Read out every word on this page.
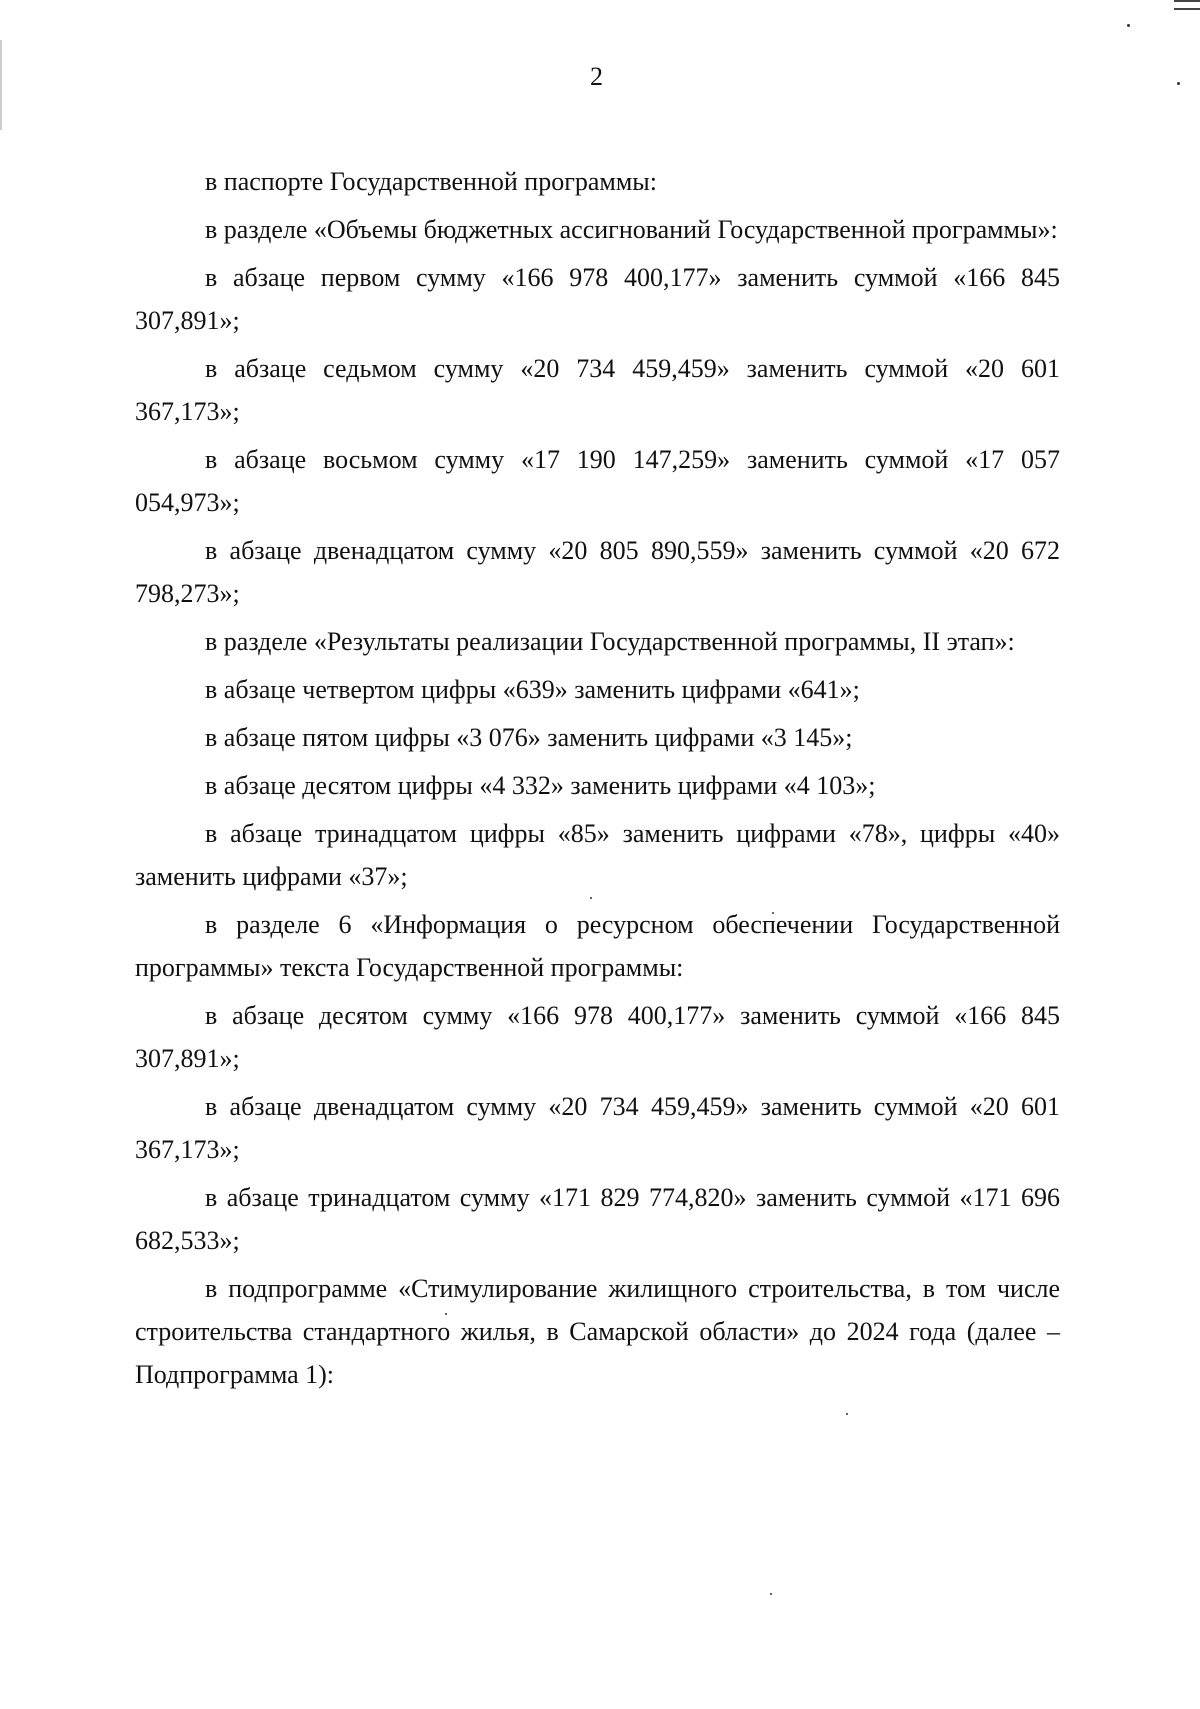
2

в паспорте Государственной программы:

в разделе «Объемы бюджетных ассигнований Государственной программы»:

в абзаце первом сумму «166 978 400,177» заменить суммой «166 845 307,891»;

в абзаце седьмом сумму «20 734 459,459» заменить суммой «20 601 367,173»;

в абзаце восьмом сумму «17 190 147,259» заменить суммой «17 057 054,973»;

в абзаце двенадцатом сумму «20 805 890,559» заменить суммой «20 672 798,273»;

в разделе «Результаты реализации Государственной программы, II этап»:

в абзаце четвертом цифры «639» заменить цифрами «641»;

в абзаце пятом цифры «3 076» заменить цифрами «3 145»;

в абзаце десятом цифры «4 332» заменить цифрами «4 103»;

в абзаце тринадцатом цифры «85» заменить цифрами «78», цифры «40» заменить цифрами «37»;

в разделе 6 «Информация о ресурсном обеспечении Государственной программы» текста Государственной программы:

в абзаце десятом сумму «166 978 400,177» заменить суммой «166 845 307,891»;

в абзаце двенадцатом сумму «20 734 459,459» заменить суммой «20 601 367,173»;

в абзаце тринадцатом сумму «171 829 774,820» заменить суммой «171 696 682,533»;

в подпрограмме «Стимулирование жилищного строительства, в том числе строительства стандартного жилья, в Самарской области» до 2024 года (далее – Подпрограмма 1):
